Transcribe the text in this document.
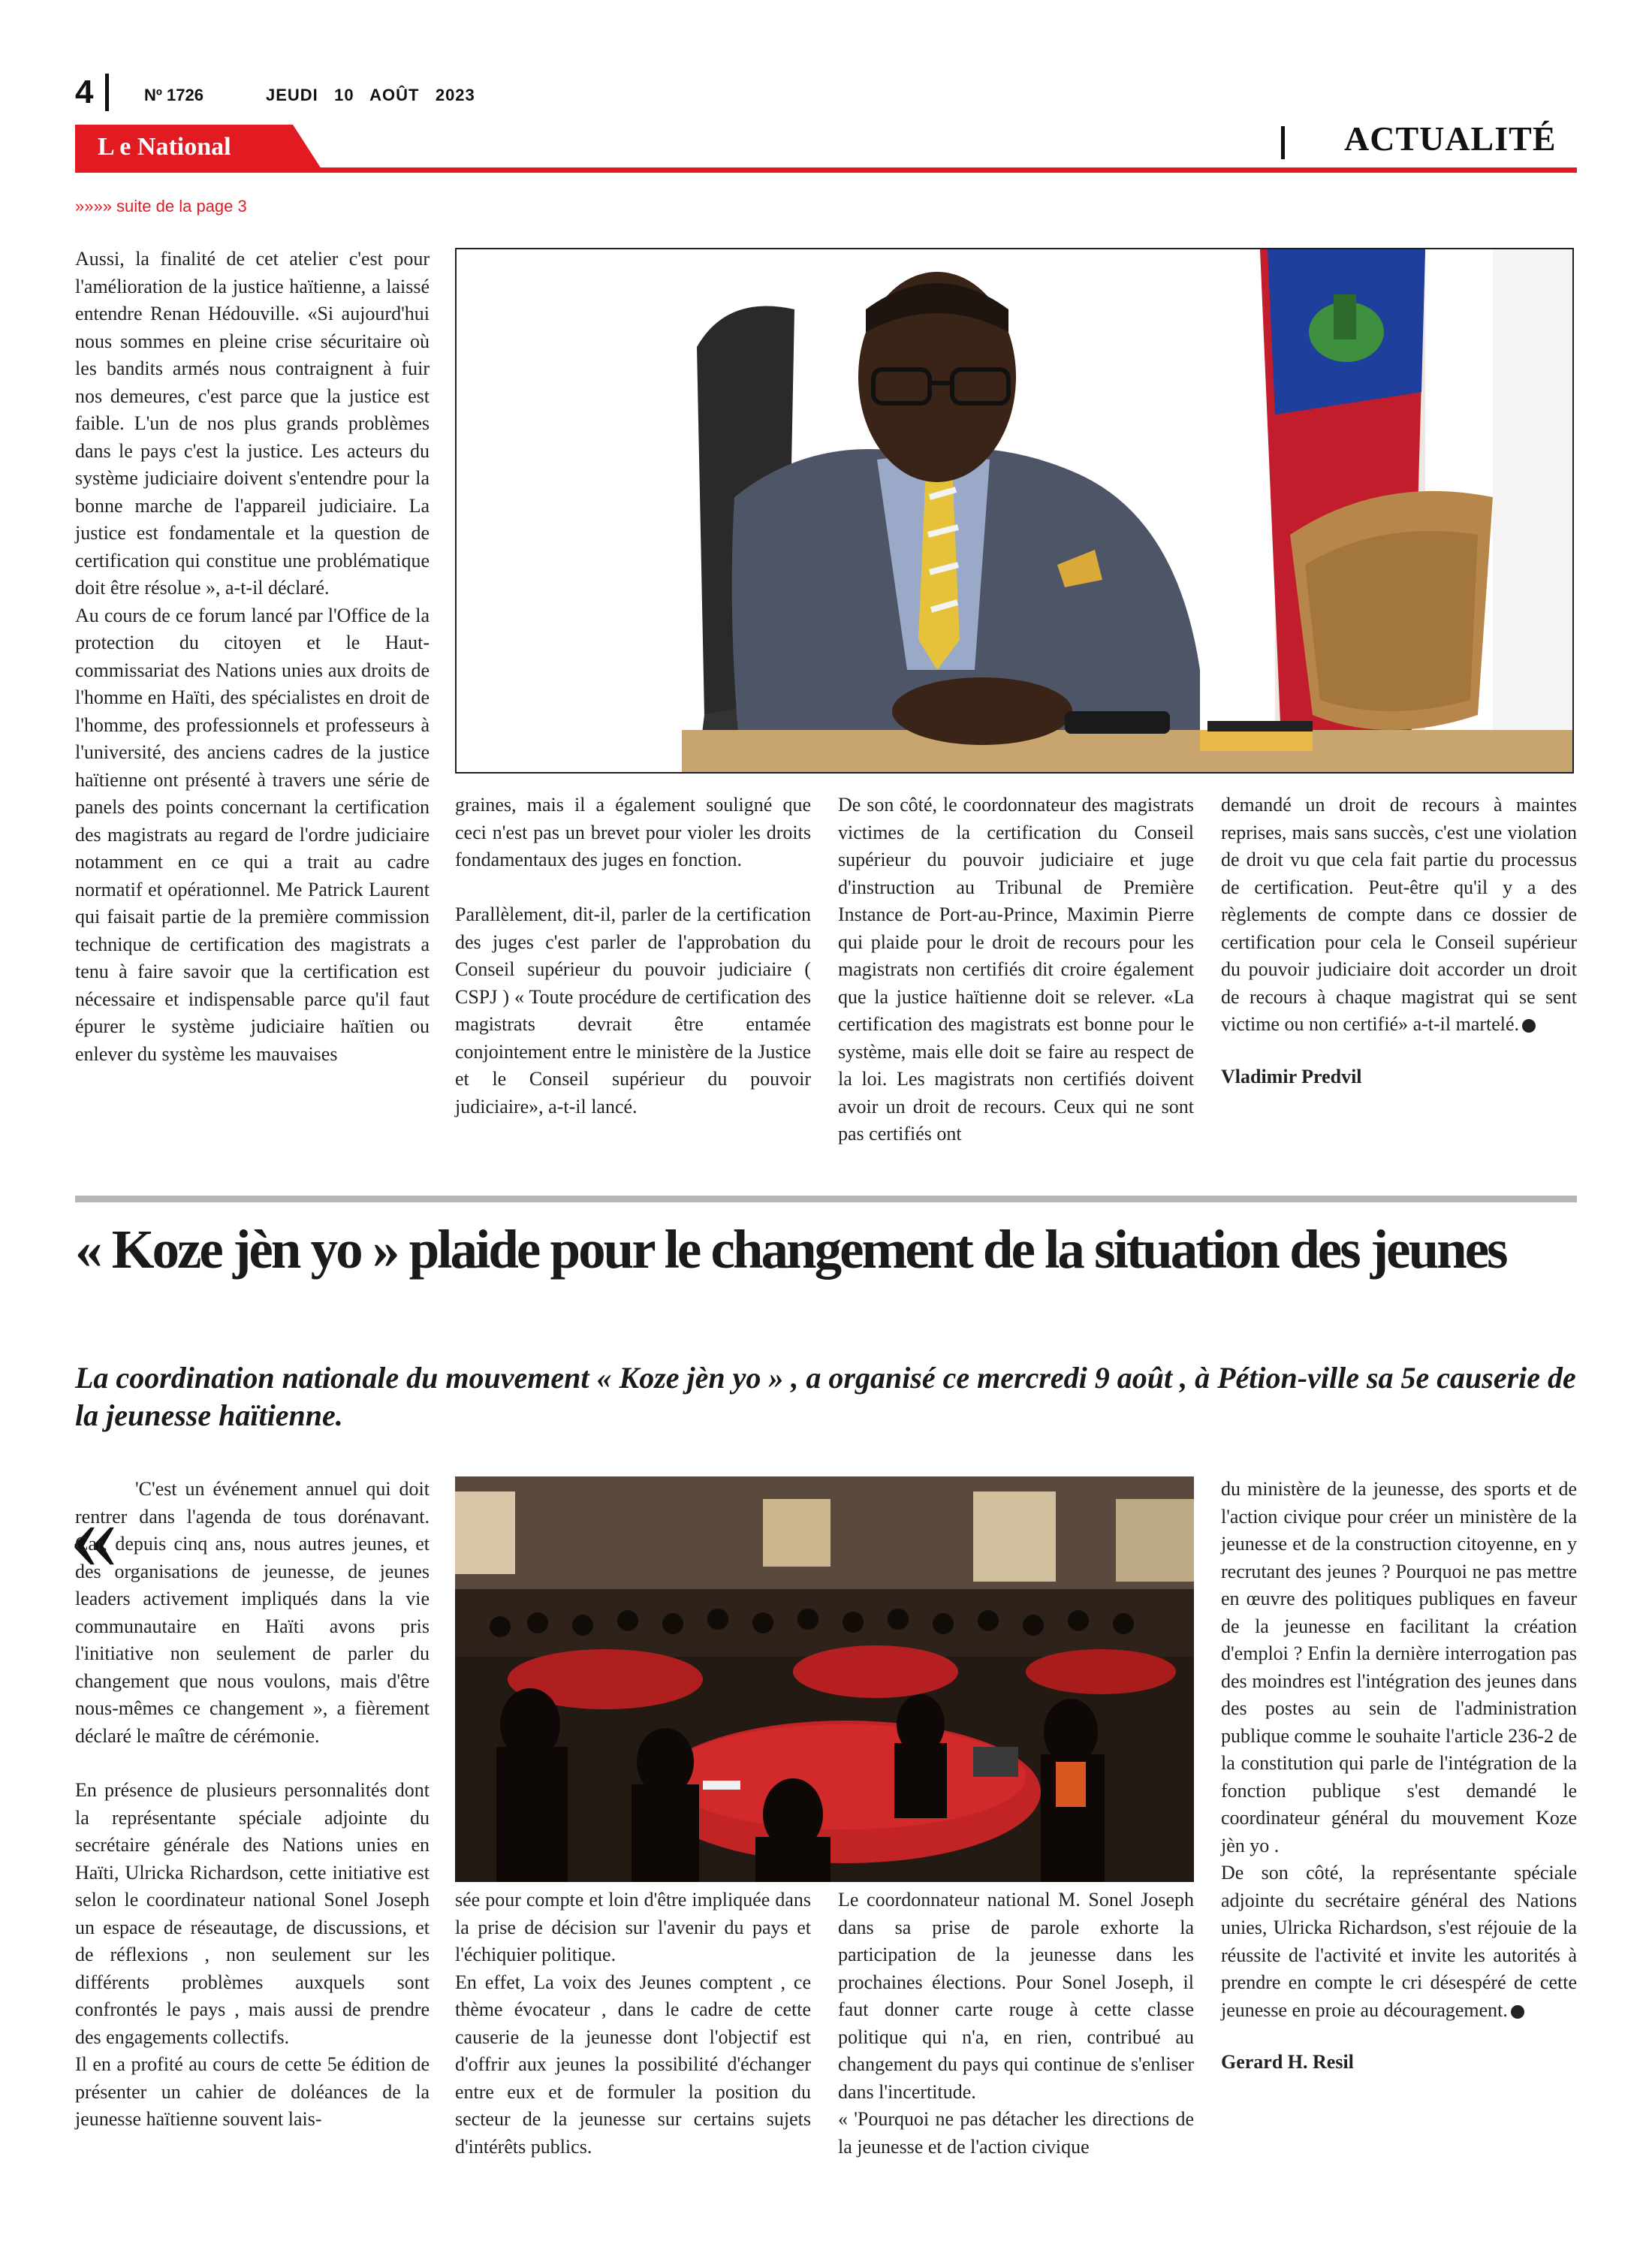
4	Nº 1726	JEUDI 10 AOÛT 2023
L e National	ACTUALITÉ
»»»» suite de la page 3

Aussi, la finalité de cet atelier c'est pour l'amélioration de la justice haïtienne, a laissé entendre Renan Hédouville. «Si aujourd'hui nous sommes en pleine crise sécuritaire où les bandits armés nous contraignent à fuir nos demeures, c'est parce que la justice est faible. L'un de nos plus grands problèmes dans le pays c'est la justice. Les acteurs du système judiciaire doivent s'entendre pour la bonne marche de l'appareil judiciaire. La justice est fondamentale et la question de certification qui constitue une problématique doit être résolue », a-t-il déclaré.
Au cours de ce forum lancé par l'Office de la protection du citoyen et le Haut-commissariat des Nations unies aux droits de l'homme en Haïti, des spécialistes en droit de l'homme, des professionnels et professeurs à l'université, des anciens cadres de la justice haïtienne ont présenté à travers une série de panels des points concernant la certification des magistrats au regard de l'ordre judiciaire notamment en ce qui a trait au cadre normatif et opérationnel. Me Patrick Laurent qui faisait partie de la première commission technique de certification des magistrats a tenu à faire savoir que la certification est nécessaire et indispensable parce qu'il faut épurer le système judiciaire haïtien ou enlever du système les mauvaises

graines, mais il a également souligné que ceci n'est pas un brevet pour violer les droits fondamentaux des juges en fonction.

Parallèlement, dit-il, parler de la certification des juges c'est parler de l'approbation du Conseil supérieur du pouvoir judiciaire ( CSPJ ) « Toute procédure de certification des magistrats devrait être entamée conjointement entre le ministère de la Justice et le Conseil supérieur du pouvoir judiciaire», a-t-il lancé.

De son côté, le coordonnateur des magistrats victimes de la certification du Conseil supérieur du pouvoir judiciaire et juge d'instruction au Tribunal de Première Instance de Port-au-Prince, Maximin Pierre qui plaide pour le droit de recours pour les magistrats non certifiés dit croire également que la justice haïtienne doit se relever. «La certification des magistrats est bonne pour le système, mais elle doit se faire au respect de la loi. Les magistrats non certifiés doivent avoir un droit de recours. Ceux qui ne sont pas certifiés ont

demandé un droit de recours à maintes reprises, mais sans succès, c'est une violation de droit vu que cela fait partie du processus de certification. Peut-être qu'il y a des règlements de compte dans ce dossier de certification pour cela le Conseil supérieur du pouvoir judiciaire doit accorder un droit de recours à chaque magistrat qui se sent victime ou non certifié» a-t-il martelé.

Vladimir Predvil
« Koze jèn yo » plaide pour le changement de la situation des jeunes
La coordination nationale du mouvement « Koze jèn yo » , a organisé ce mercredi 9 août , à Pétion-ville sa 5e causerie de la jeunesse haïtienne.
« 'C'est un événement annuel qui doit rentrer dans l'agenda de tous dorénavant. Car, depuis cinq ans, nous autres jeunes, et des organisations de jeunesse, de jeunes leaders activement impliqués dans la vie communautaire en Haïti avons pris l'initiative non seulement de parler du changement que nous voulons, mais d'être nous-mêmes ce changement », a fièrement déclaré le maître de cérémonie.

En présence de plusieurs personnalités dont la représentante spéciale adjointe du secrétaire générale des Nations unies en Haïti, Ulricka Richardson, cette initiative est selon le coordinateur national Sonel Joseph un espace de réseautage, de discussions, et de réflexions , non seulement sur les différents problèmes auxquels sont confrontés le pays , mais aussi de prendre des engagements collectifs.
Il en a profité au cours de cette 5e édition de présenter un cahier de doléances de la jeunesse haïtienne souvent lais-

sée pour compte et loin d'être impliquée dans la prise de décision sur l'avenir du pays et l'échiquier politique.
En effet, La voix des Jeunes comptent , ce thème évocateur , dans le cadre de cette causerie de la jeunesse dont l'objectif est d'offrir aux jeunes la possibilité d'échanger entre eux et de formuler la position du secteur de la jeunesse sur certains sujets d'intérêts publics.

Le coordonnateur national M. Sonel Joseph dans sa prise de parole exhorte la participation de la jeunesse dans les prochaines élections. Pour Sonel Joseph, il faut donner carte rouge à cette classe politique qui n'a, en rien, contribué au changement du pays qui continue de s'enliser dans l'incertitude.
« 'Pourquoi ne pas détacher les directions de la jeunesse et de l'action civique

du ministère de la jeunesse, des sports et de l'action civique pour créer un ministère de la jeunesse et de la construction citoyenne, en y recrutant des jeunes ? Pourquoi ne pas mettre en œuvre des politiques publiques en faveur de la jeunesse en facilitant la création d'emploi ? Enfin la dernière interrogation pas des moindres est l'intégration des jeunes dans des postes au sein de l'administration publique comme le souhaite l'article 236-2 de la constitution qui parle de l'intégration de la fonction publique s'est demandé le coordinateur général du mouvement Koze jèn yo .
De son côté, la représentante spéciale adjointe du secrétaire général des Nations unies, Ulricka Richardson, s'est réjouie de la réussite de l'activité et invite les autorités à prendre en compte le cri désespéré de cette jeunesse en proie au découragement.

Gerard H. Resil
